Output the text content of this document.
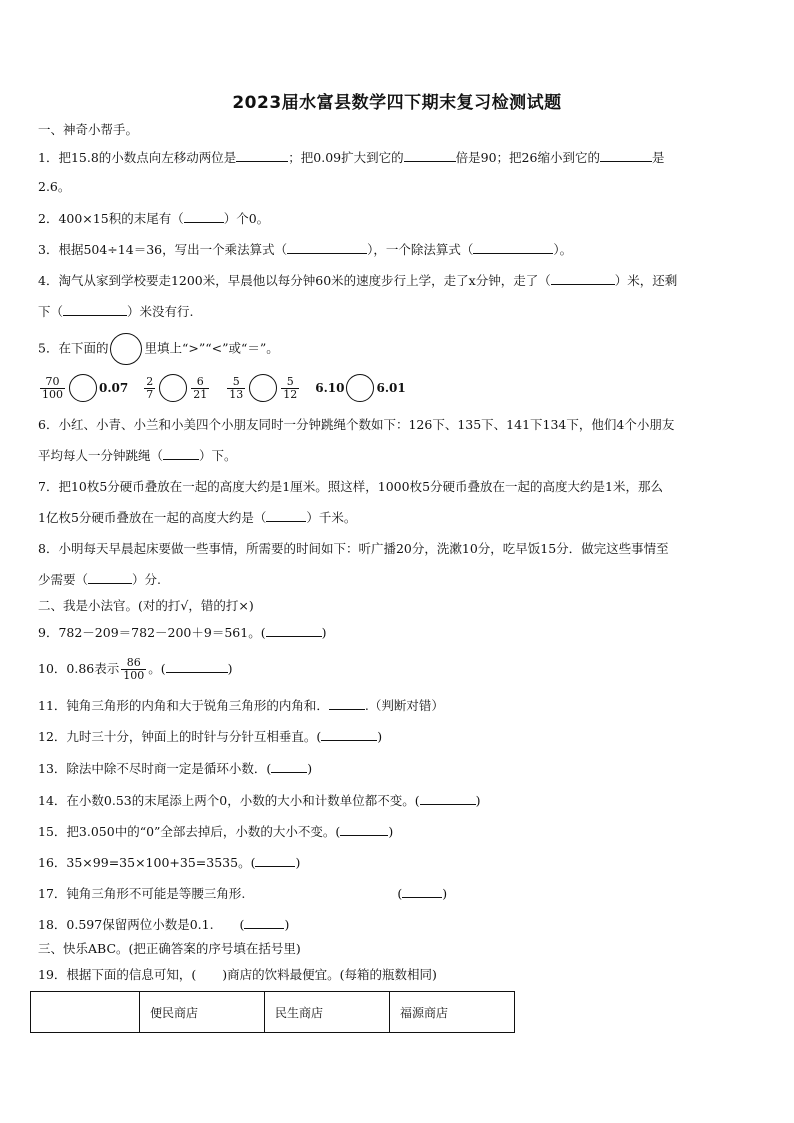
2023届水富县数学四下期末复习检测试题
一、神奇小帮手。
1．把15.8的小数点向左移动两位是	；把0.09扩大到它的	倍是90；把26缩小到它的	是
2.6。
2．400×15积的末尾有（	）个0。
3．根据504÷14＝36，写出一个乘法算式（	），一个除法算式（	）。
4．淘气从家到学校要走1200米，早晨他以每分钟60米的速度步行上学，走了x分钟，走了（	）米，还剩
下（	）米没有行.
5．在下面的	里填上“>”“<”或“＝”。
$\frac{70}{100}$	$0.07 \frac{2}{7}$	$\frac{6}{21} \frac{5}{13}$	$\frac{5}{12} 6.10$	6.01
6．小红、小青、小兰和小美四个小朋友同时一分钟跳绳个数如下：126下、135下、141下134下，他们4个小朋友
平均每人一分钟跳绳（	）下。
7．把10枚5分硬币叠放在一起的高度大约是1厘米。照这样，1000枚5分硬币叠放在一起的高度大约是1米，那么
1亿枚5分硬币叠放在一起的高度大约是（	）千米。
8．小明每天早晨起床要做一些事情，所需要的时间如下：听广播20分，洗漱10分，吃早饭15分．做完这些事情至
少需要（	）分.
二、我是小法官。(对的打√，错的打×)
9．782－209＝782－200＋9＝561。(	)
10．0.86表示 $\frac{86}{100}$ 。(	)
11．钝角三角形的内角和大于锐角三角形的内角和．	.（判断对错）
12．九时三十分，钟面上的时针与分针互相垂直。(	)
13．除法中除不尽时商一定是循环小数．(	)
14．在小数0.53的末尾添上两个0，小数的大小和计数单位都不变。(	)
15．把3.050中的“0”全部去掉后，小数的大小不变。(	)
16．35×99=35×100+35=3535。(	)
17．钝角三角形不可能是等腰三角形.	(	)
18．0.597保留两位小数是0.1. (	)
三、快乐ABC。(把正确答案的序号填在括号里)
19．根据下面的信息可知，( )商店的饮料最便宜。(每箱的瓶数相同)
	便民商店	民生商店	福源商店
